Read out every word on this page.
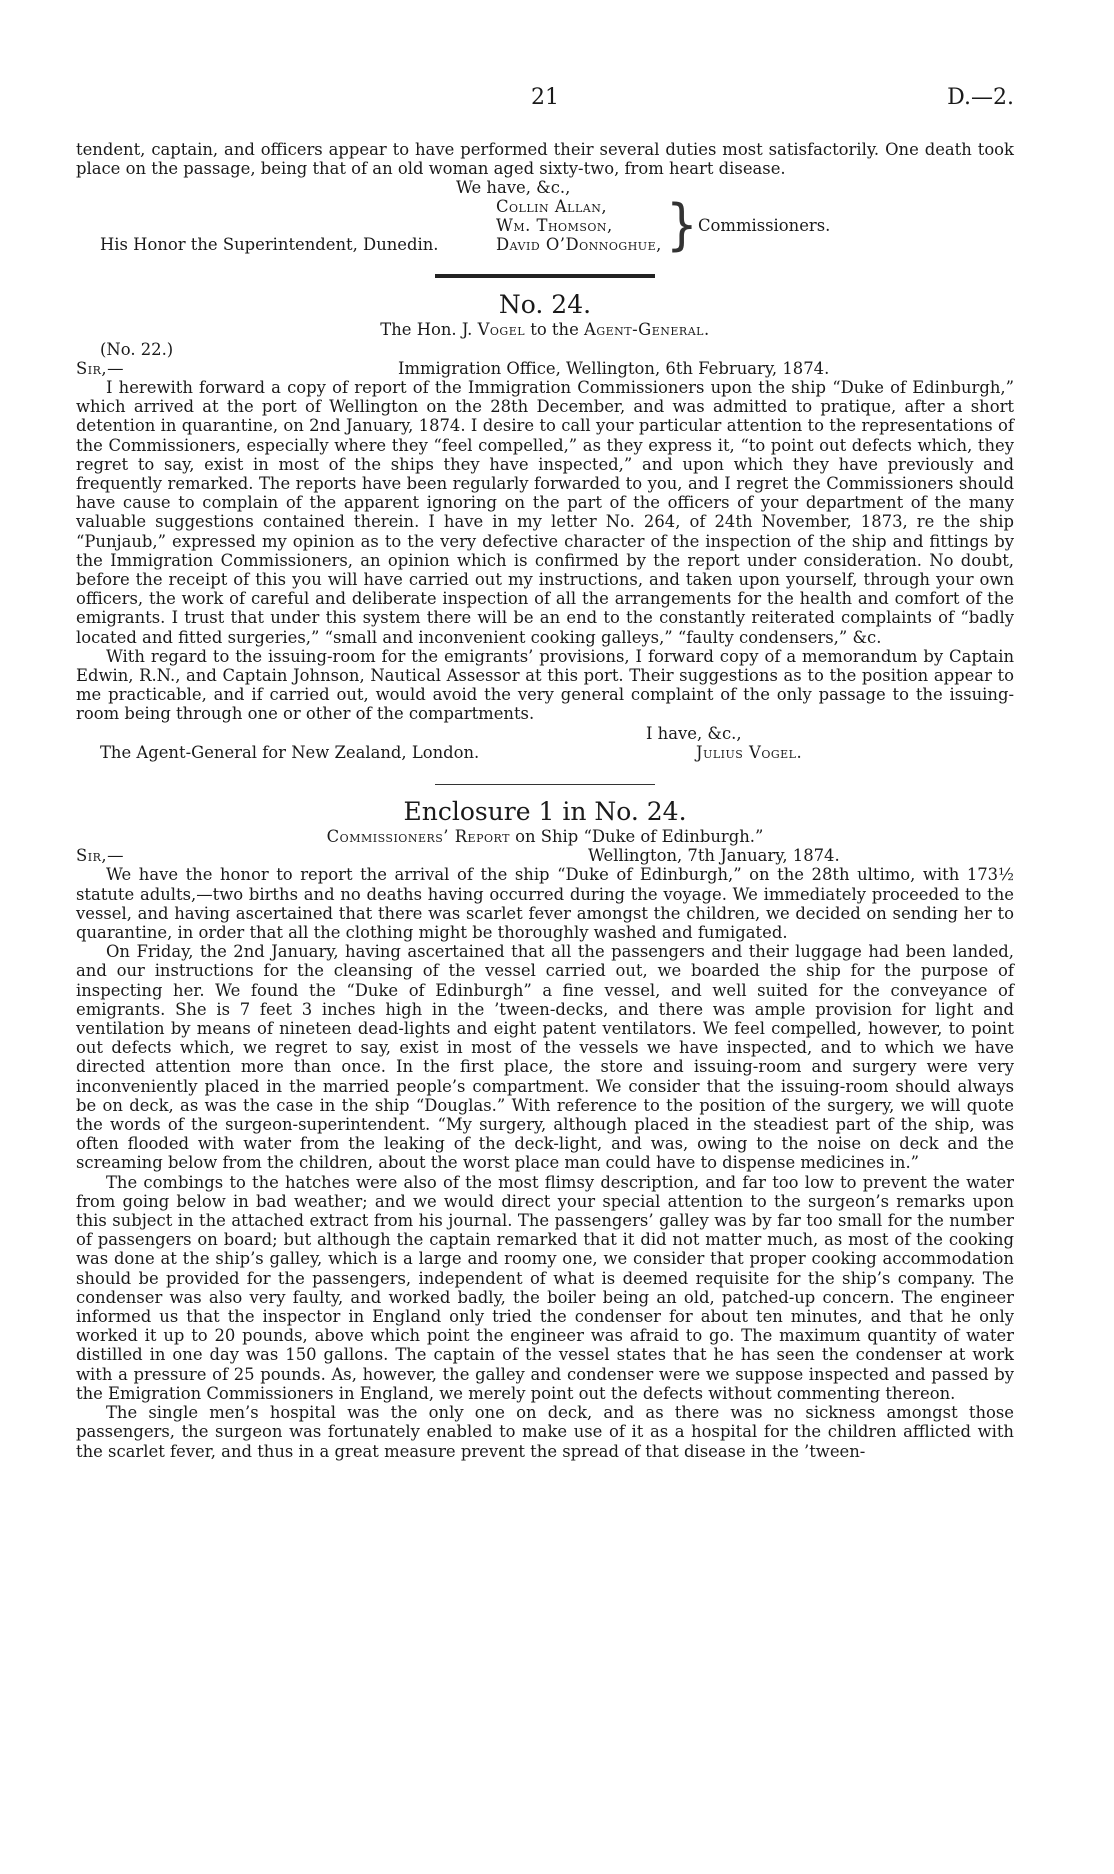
21	D.—2.

tendent, captain, and officers appear to have performed their several duties most satisfactorily. One death took place on the passage, being that of an old woman aged sixty-two, from heart disease.

We have, &c.,
Collin Allan,
Wm. Thomson,
David O’Donnoghue, } Commissioners.
His Honor the Superintendent, Dunedin.
No. 24.
The Hon. J. Vogel to the Agent-General.
(No. 22.)
Sir,—	Immigration Office, Wellington, 6th February, 1874.

I herewith forward a copy of report of the Immigration Commissioners upon the ship “Duke of Edinburgh,” which arrived at the port of Wellington on the 28th December, and was admitted to pratique, after a short detention in quarantine, on 2nd January, 1874. I desire to call your particular attention to the representations of the Commissioners, especially where they “feel compelled,” as they express it, “to point out defects which, they regret to say, exist in most of the ships they have inspected,” and upon which they have previously and frequently remarked. The reports have been regularly forwarded to you, and I regret the Commissioners should have cause to complain of the apparent ignoring on the part of the officers of your department of the many valuable suggestions contained therein. I have in my letter No. 264, of 24th November, 1873, re the ship “Punjaub,” expressed my opinion as to the very defective character of the inspection of the ship and fittings by the Immigration Commissioners, an opinion which is confirmed by the report under consideration. No doubt, before the receipt of this you will have carried out my instructions, and taken upon yourself, through your own officers, the work of careful and deliberate inspection of all the arrangements for the health and comfort of the emigrants. I trust that under this system there will be an end to the constantly reiterated complaints of “badly located and fitted surgeries,” “small and inconvenient cooking galleys,” “faulty condensers,” &c.

With regard to the issuing-room for the emigrants’ provisions, I forward copy of a memorandum by Captain Edwin, R.N., and Captain Johnson, Nautical Assessor at this port. Their suggestions as to the position appear to me practicable, and if carried out, would avoid the very general complaint of the only passage to the issuing-room being through one or other of the compartments.

I have, &c.,
The Agent-General for New Zealand, London.	Julius Vogel.
Enclosure 1 in No. 24.
Commissioners’ Report on Ship “Duke of Edinburgh.”
Sir,—	Wellington, 7th January, 1874.

We have the honor to report the arrival of the ship “Duke of Edinburgh,” on the 28th ultimo, with 173½ statute adults,—two births and no deaths having occurred during the voyage. We immediately proceeded to the vessel, and having ascertained that there was scarlet fever amongst the children, we decided on sending her to quarantine, in order that all the clothing might be thoroughly washed and fumigated.

On Friday, the 2nd January, having ascertained that all the passengers and their luggage had been landed, and our instructions for the cleansing of the vessel carried out, we boarded the ship for the purpose of inspecting her. We found the “Duke of Edinburgh” a fine vessel, and well suited for the conveyance of emigrants. She is 7 feet 3 inches high in the ’tween-decks, and there was ample provision for light and ventilation by means of nineteen dead-lights and eight patent ventilators. We feel compelled, however, to point out defects which, we regret to say, exist in most of the vessels we have inspected, and to which we have directed attention more than once. In the first place, the store and issuing-room and surgery were very inconveniently placed in the married people’s compartment. We consider that the issuing-room should always be on deck, as was the case in the ship “Douglas.” With reference to the position of the surgery, we will quote the words of the surgeon-superintendent. “My surgery, although placed in the steadiest part of the ship, was often flooded with water from the leaking of the deck-light, and was, owing to the noise on deck and the screaming below from the children, about the worst place man could have to dispense medicines in.”

The combings to the hatches were also of the most flimsy description, and far too low to prevent the water from going below in bad weather; and we would direct your special attention to the surgeon’s remarks upon this subject in the attached extract from his journal. The passengers’ galley was by far too small for the number of passengers on board; but although the captain remarked that it did not matter much, as most of the cooking was done at the ship’s galley, which is a large and roomy one, we consider that proper cooking accommodation should be provided for the passengers, independent of what is deemed requisite for the ship’s company. The condenser was also very faulty, and worked badly, the boiler being an old, patched-up concern. The engineer informed us that the inspector in England only tried the condenser for about ten minutes, and that he only worked it up to 20 pounds, above which point the engineer was afraid to go. The maximum quantity of water distilled in one day was 150 gallons. The captain of the vessel states that he has seen the condenser at work with a pressure of 25 pounds. As, however, the galley and condenser were we suppose inspected and passed by the Emigration Commissioners in England, we merely point out the defects without commenting thereon.

The single men’s hospital was the only one on deck, and as there was no sickness amongst those passengers, the surgeon was fortunately enabled to make use of it as a hospital for the children afflicted with the scarlet fever, and thus in a great measure prevent the spread of that disease in the ’tween-
